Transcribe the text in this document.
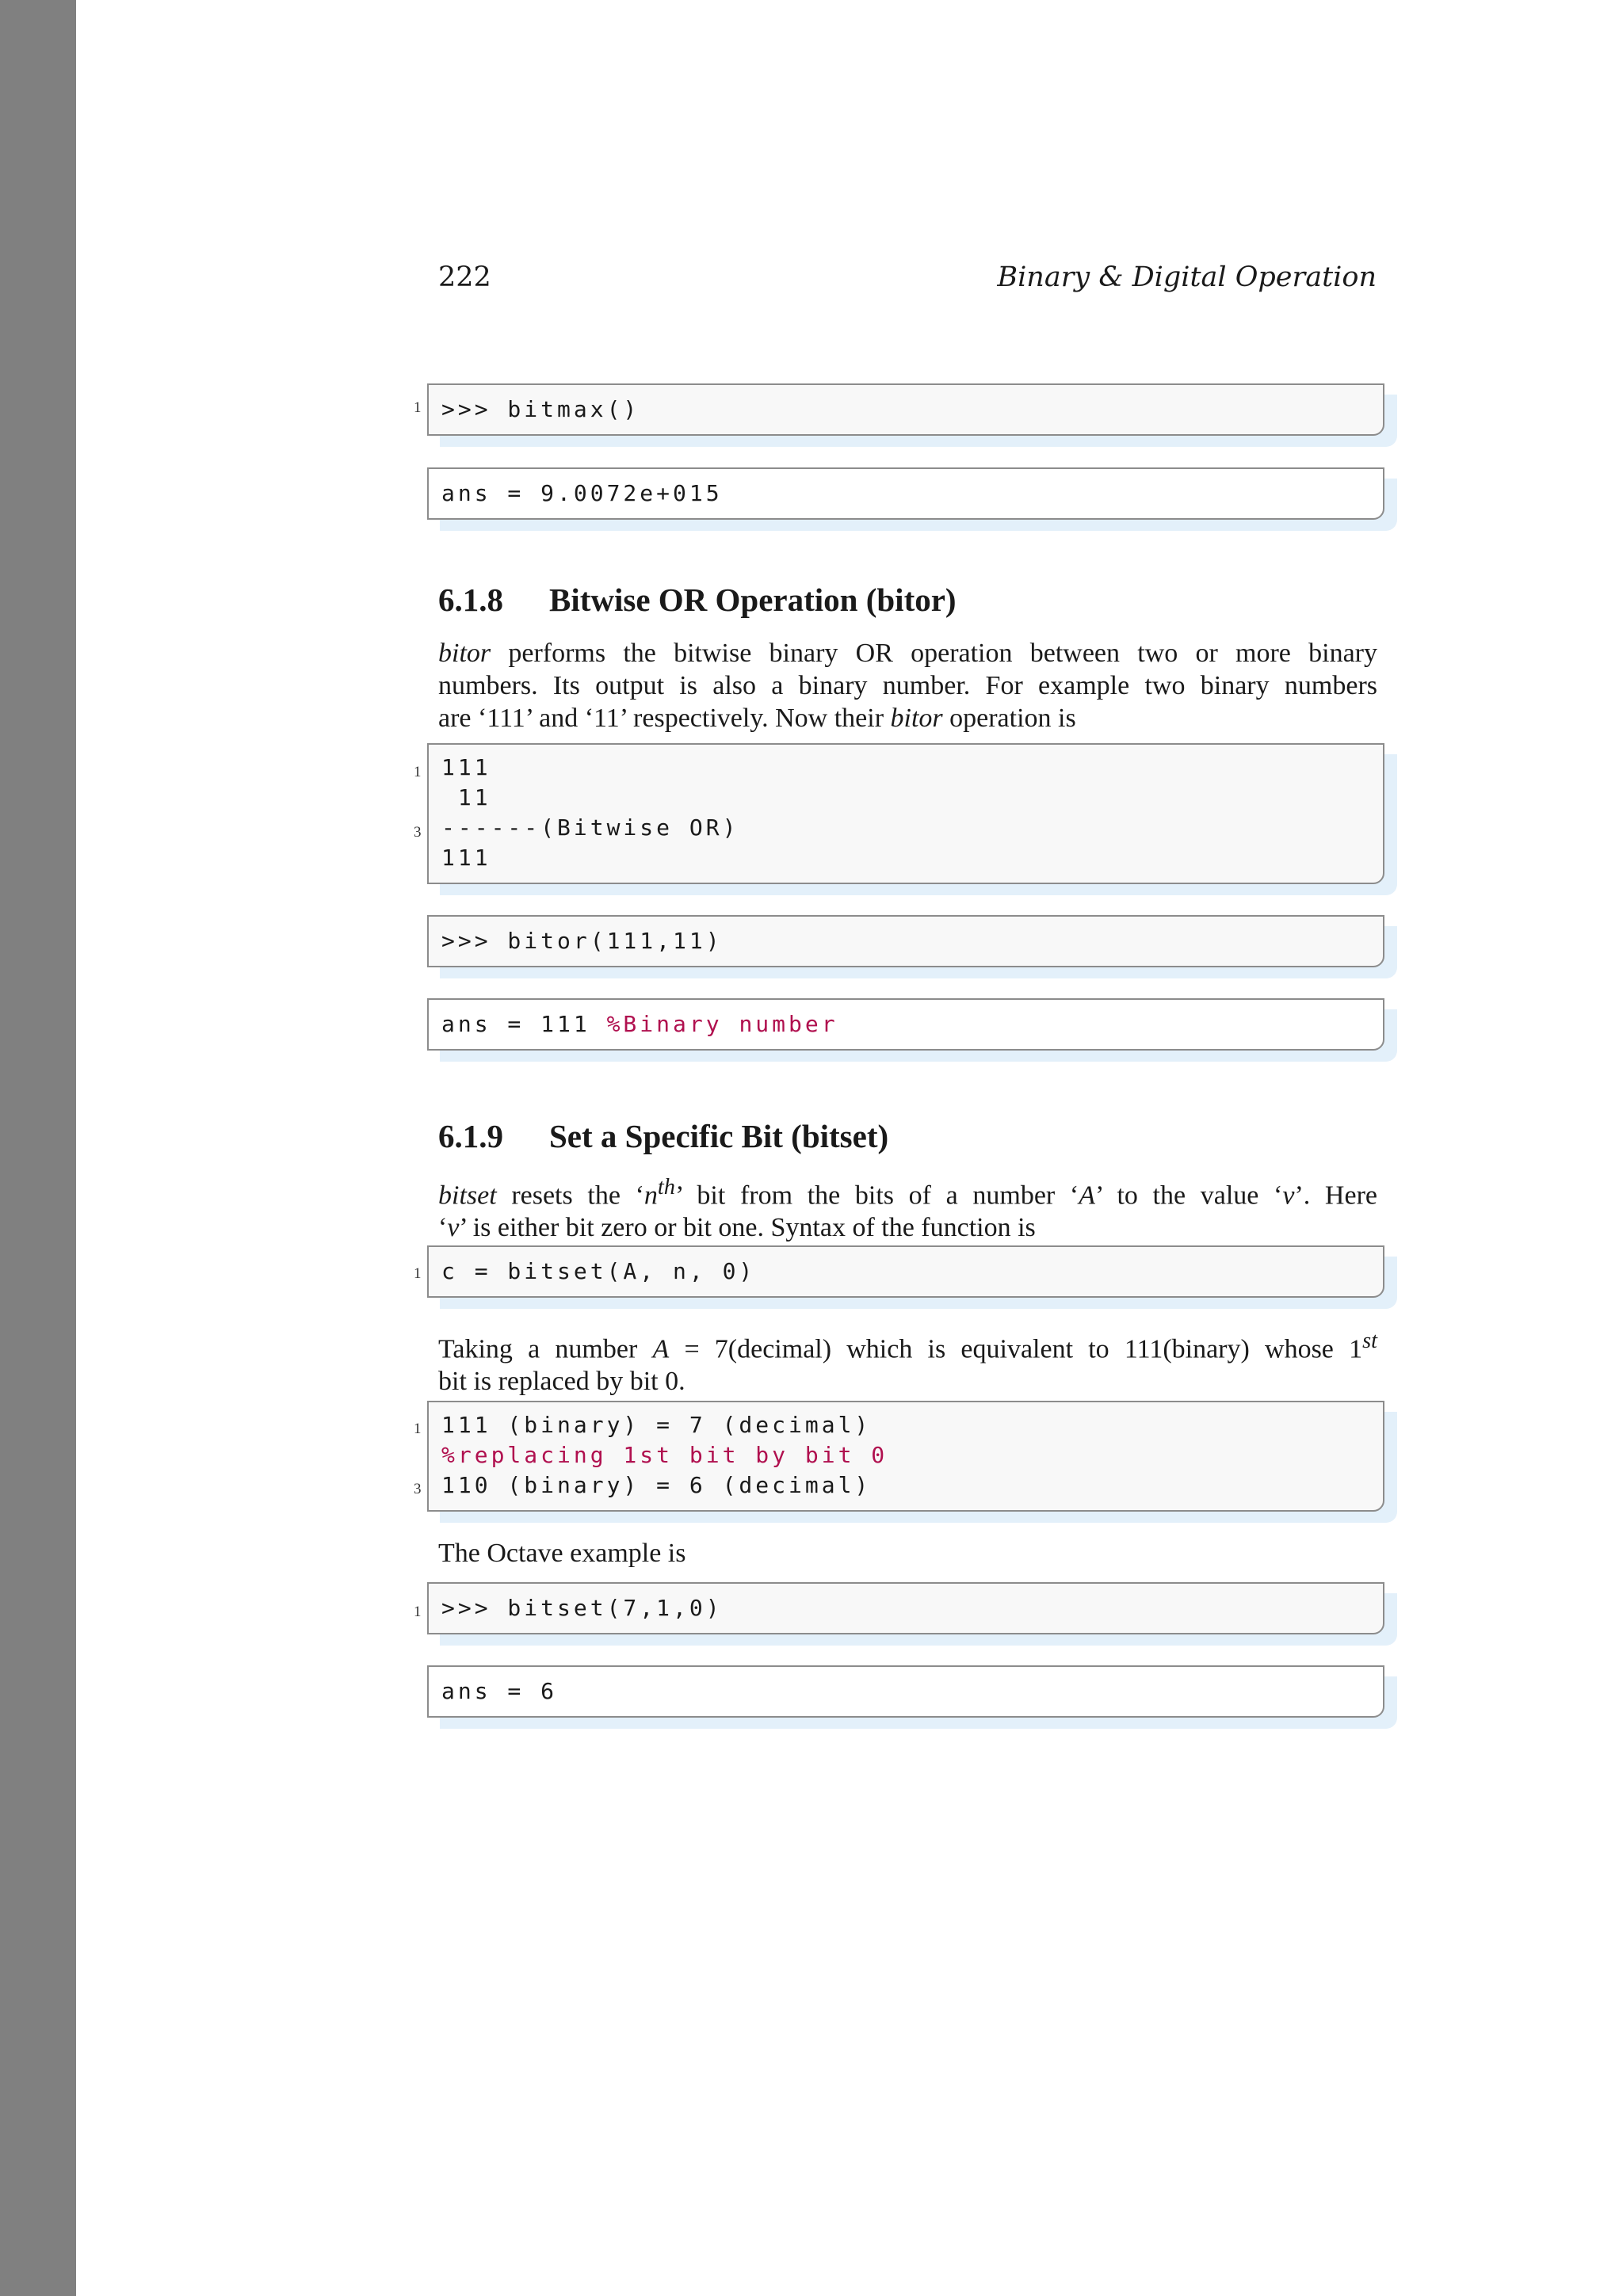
222	Binary & Digital Operation
1 >>> bitmax()
ans = 9.0072e+015
6.1.8 Bitwise OR Operation (bitor)
bitor performs the bitwise binary OR operation between two or more binary
numbers. Its output is also a binary number. For example two binary numbers
are ‘111’ and ‘11’ respectively. Now their bitor operation is
1
3
111
11
------(Bitwise OR)
111
>>> bitor(111,11)
ans = 111 %Binary number
6.1.9 Set a Specific Bit (bitset)
bitset resets the ‘$n^{th}$’ bit from the bits of a number ‘A’ to the value ‘v’. Here
‘v’ is either bit zero or bit one. Syntax of the function is
1 c = bitset(A, n, 0)
Taking a number A = 7(decimal) which is equivalent to 111(binary) whose 1st
bit is replaced by bit 0.
1
3
111 (binary) = 7 (decimal)
%replacing 1st bit by bit 0
110 (binary) = 6 (decimal)
The Octave example is
1 >>> bitset(7,1,0)
ans = 6
